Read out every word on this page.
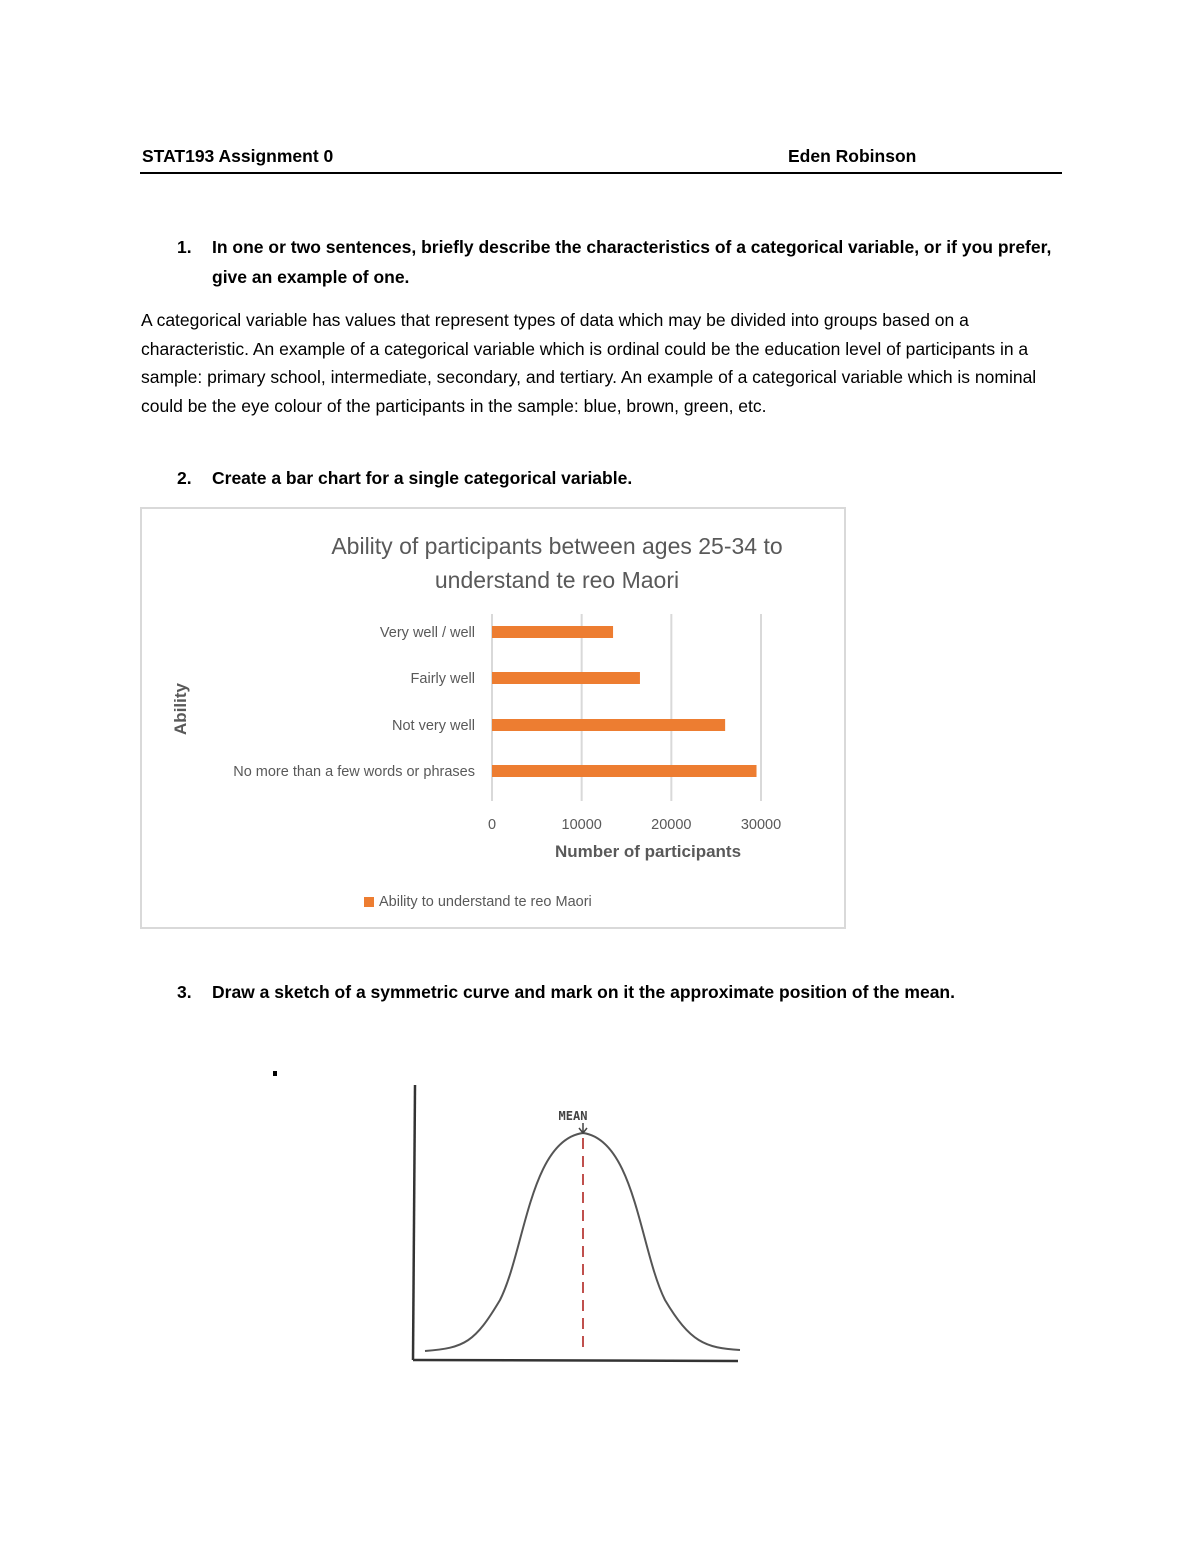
STAT193 Assignment 0	Eden Robinson
1. In one or two sentences, briefly describe the characteristics of a categorical variable, or if you prefer, give an example of one.

A categorical variable has values that represent types of data which may be divided into groups based on a characteristic. An example of a categorical variable which is ordinal could be the education level of participants in a sample: primary school, intermediate, secondary, and tertiary. An example of a categorical variable which is nominal could be the eye colour of the participants in the sample: blue, brown, green, etc.

2. Create a bar chart for a single categorical variable.
Ability of participants between ages 25-34 to
understand te reo Maori
Very well / well
Fairly well
Not very well
No more than a few words or phrases
0	10000	20000	30000
Number of participants
Ability
Ability to understand te reo Maori
3. Draw a sketch of a symmetric curve and mark on it the approximate position of the mean.
MEAN
